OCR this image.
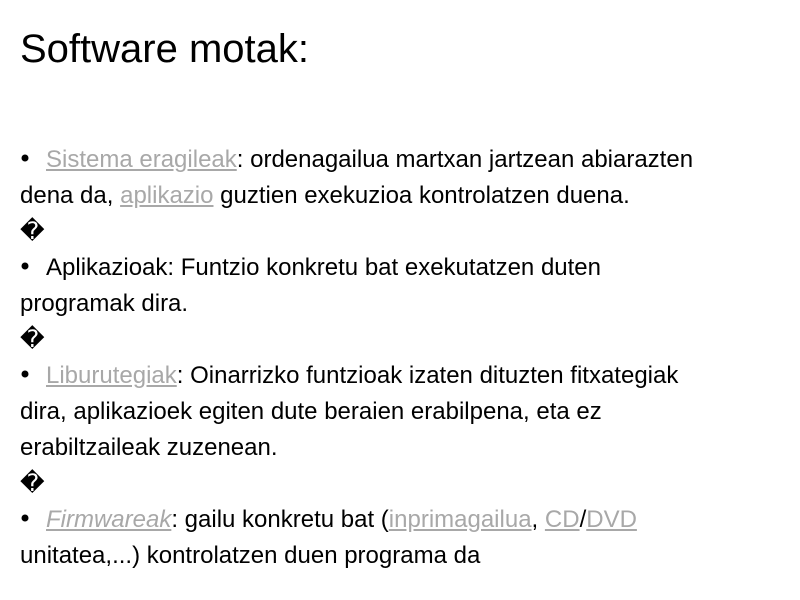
Software motak:
Sistema eragileak: ordenagailua martxan jartzean abiarazten
dena da, aplikazio guztien exekuzioa kontrolatzen duena.
�
Aplikazioak: Funtzio konkretu bat exekutatzen duten
programak dira.
�
Liburutegiak: Oinarrizko funtzioak izaten dituzten fitxategiak
dira, aplikazioek egiten dute beraien erabilpena, eta ez
erabiltzaileak zuzenean.
�
Firmwareak: gailu konkretu bat (inprimagailua, CD/DVD
unitatea,...) kontrolatzen duen programa da
